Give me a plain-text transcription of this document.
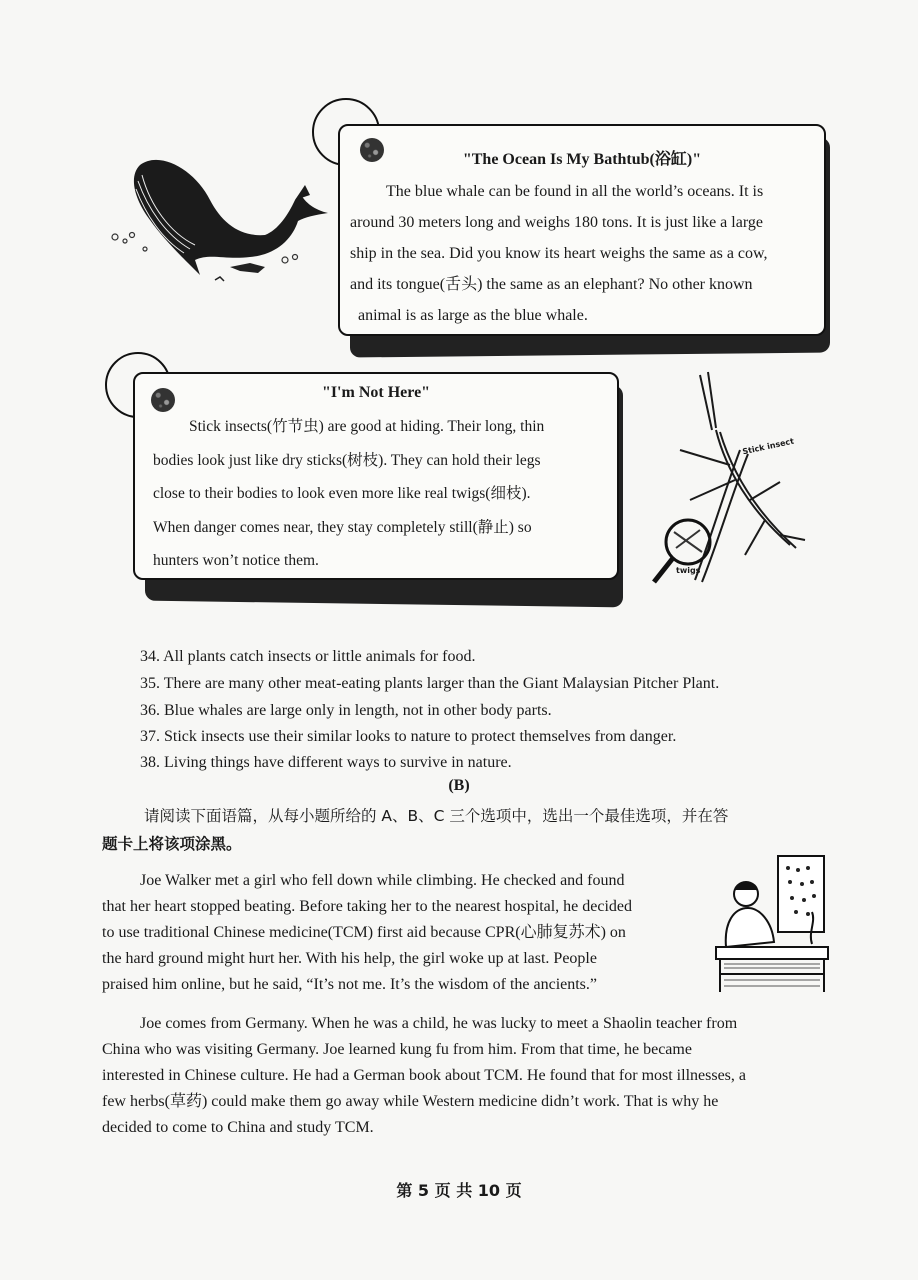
"The Ocean Is My Bathtub(浴缸)"
The blue whale can be found in all the world’s oceans. It is
around 30 meters long and weighs 180 tons. It is just like a large
ship in the sea. Did you know its heart weighs the same as a cow,
and its tongue(舌头) the same as an elephant? No other known
animal is as large as the blue whale.
"I'm Not Here"
Stick insects(竹节虫) are good at hiding. Their long, thin
bodies look just like dry sticks(树枝). They can hold their legs
close to their bodies to look even more like real twigs(细枝).
When danger comes near, they stay completely still(静止) so
hunters won’t notice them.
Stick insect
twigs
34. All plants catch insects or little animals for food.
35. There are many other meat-eating plants larger than the Giant Malaysian Pitcher Plant.
36. Blue whales are large only in length, not in other body parts.
37. Stick insects use their similar looks to nature to protect themselves from danger.
38. Living things have different ways to survive in nature.
(B)
请阅读下面语篇，从每小题所给的 A、B、C 三个选项中，选出一个最佳选项，并在答
题卡上将该项涂黑。
Joe Walker met a girl who fell down while climbing. He checked and found
that her heart stopped beating. Before taking her to the nearest hospital, he decided
to use traditional Chinese medicine(TCM) first aid because CPR(心肺复苏术) on
the hard ground might hurt her. With his help, the girl woke up at last. People
praised him online, but he said, “It’s not me. It’s the wisdom of the ancients.”
Joe comes from Germany. When he was a child, he was lucky to meet a Shaolin teacher from
China who was visiting Germany. Joe learned kung fu from him. From that time, he became
interested in Chinese culture. He had a German book about TCM. He found that for most illnesses, a
few herbs(草药) could make them go away while Western medicine didn’t work. That is why he
decided to come to China and study TCM.
第 5 页 共 10 页
